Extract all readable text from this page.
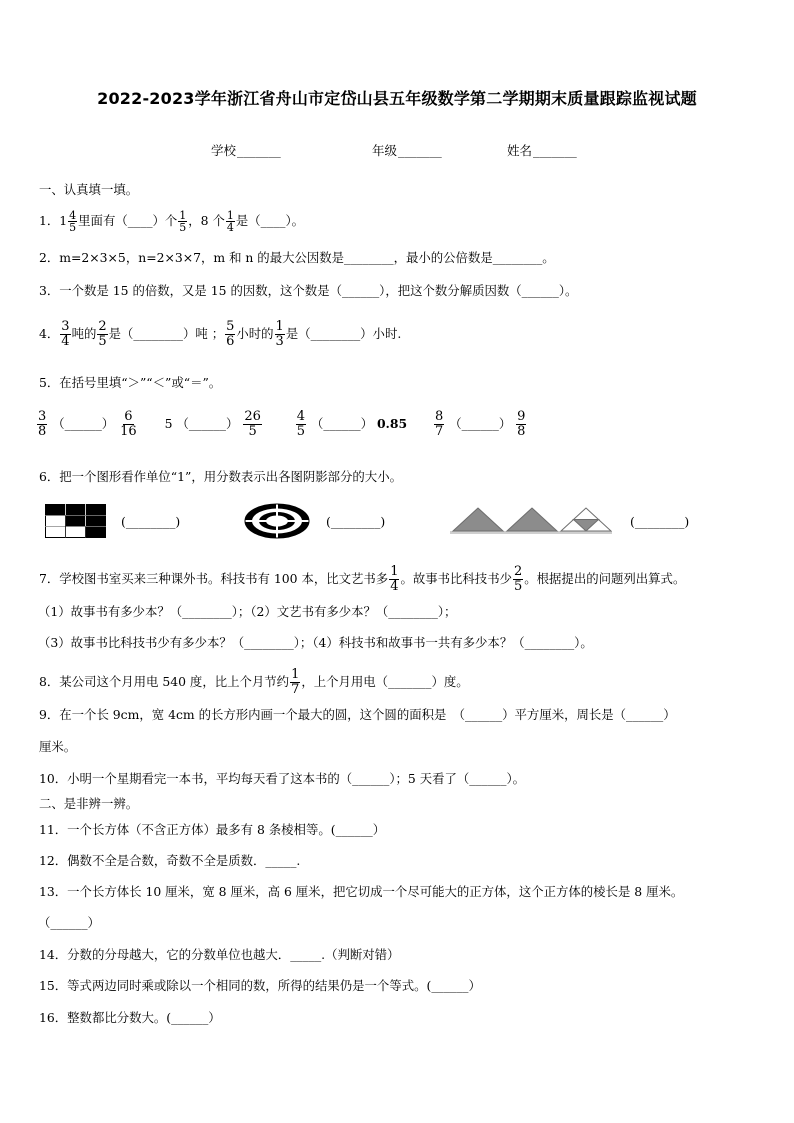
2022-2023学年浙江省舟山市定岱山县五年级数学第二学期期末质量跟踪监视试题
学校_______	年级_______	姓名_______
一、认真填一填。
1．$1 \frac{4}{5}$ 里面有（____）个 $\frac{1}{5}$ ，8 个 $\frac{1}{4}$ 是（____）。
2．m=2×3×5，n=2×3×7，m 和 n 的最大公因数是________，最小的公倍数是________。
3．一个数是 15 的倍数，又是 15 的因数，这个数是（______），把这个数分解质因数（______）。
4． $\frac{3}{4}$ 吨的 $\frac{2}{5}$ 是（________）吨 ； $\frac{5}{6}$ 小时的 $\frac{1}{3}$ 是（________）小时.
5．在括号里填“＞”“＜”或“＝”。
$\frac{3}{8}$ （______） $\frac{6}{16} 5$ （______） $\frac{26}{5}$
	$\frac{4}{5}$ （______） $0.85 \frac{8}{7}$ （______） $\frac{9}{8}$
6．把一个图形看作单位“1”，用分数表示出各图阴影部分的大小。
(________)	(________)	(________)
7．学校图书室买来三种课外书。科技书有 100 本，比文艺书多 $\frac{1}{4}$ 。故事书比科技书少 $\frac{2}{5}$ 。根据提出的问题列出算式。
（1）故事书有多少本？（________）；（2）文艺书有多少本？（________）；
（3）故事书比科技书少有多少本？（________）；（4）科技书和故事书一共有多少本？（________）。
8．某公司这个月用电 540 度，比上个月节约 $\frac{1}{7}$ ，上个月用电（_______）度。
9．在一个长 9cm，宽 4cm 的长方形内画一个最大的圆，这个圆的面积是　（______）平方厘米，周长是（______）
厘米。
10．小明一个星期看完一本书，平均每天看了这本书的（______）；5 天看了（______）。
二、是非辨一辨。
11．一个长方体（不含正方体）最多有 8 条棱相等。(______）
12．偶数不全是合数，奇数不全是质数．_____.
13．一个长方体长 10 厘米，宽 8 厘米，高 6 厘米，把它切成一个尽可能大的正方体，这个正方体的棱长是 8 厘米。
（______）
14．分数的分母越大，它的分数单位也越大．_____.（判断对错）
15．等式两边同时乘或除以一个相同的数，所得的结果仍是一个等式。(______）
16．整数都比分数大。(______）
